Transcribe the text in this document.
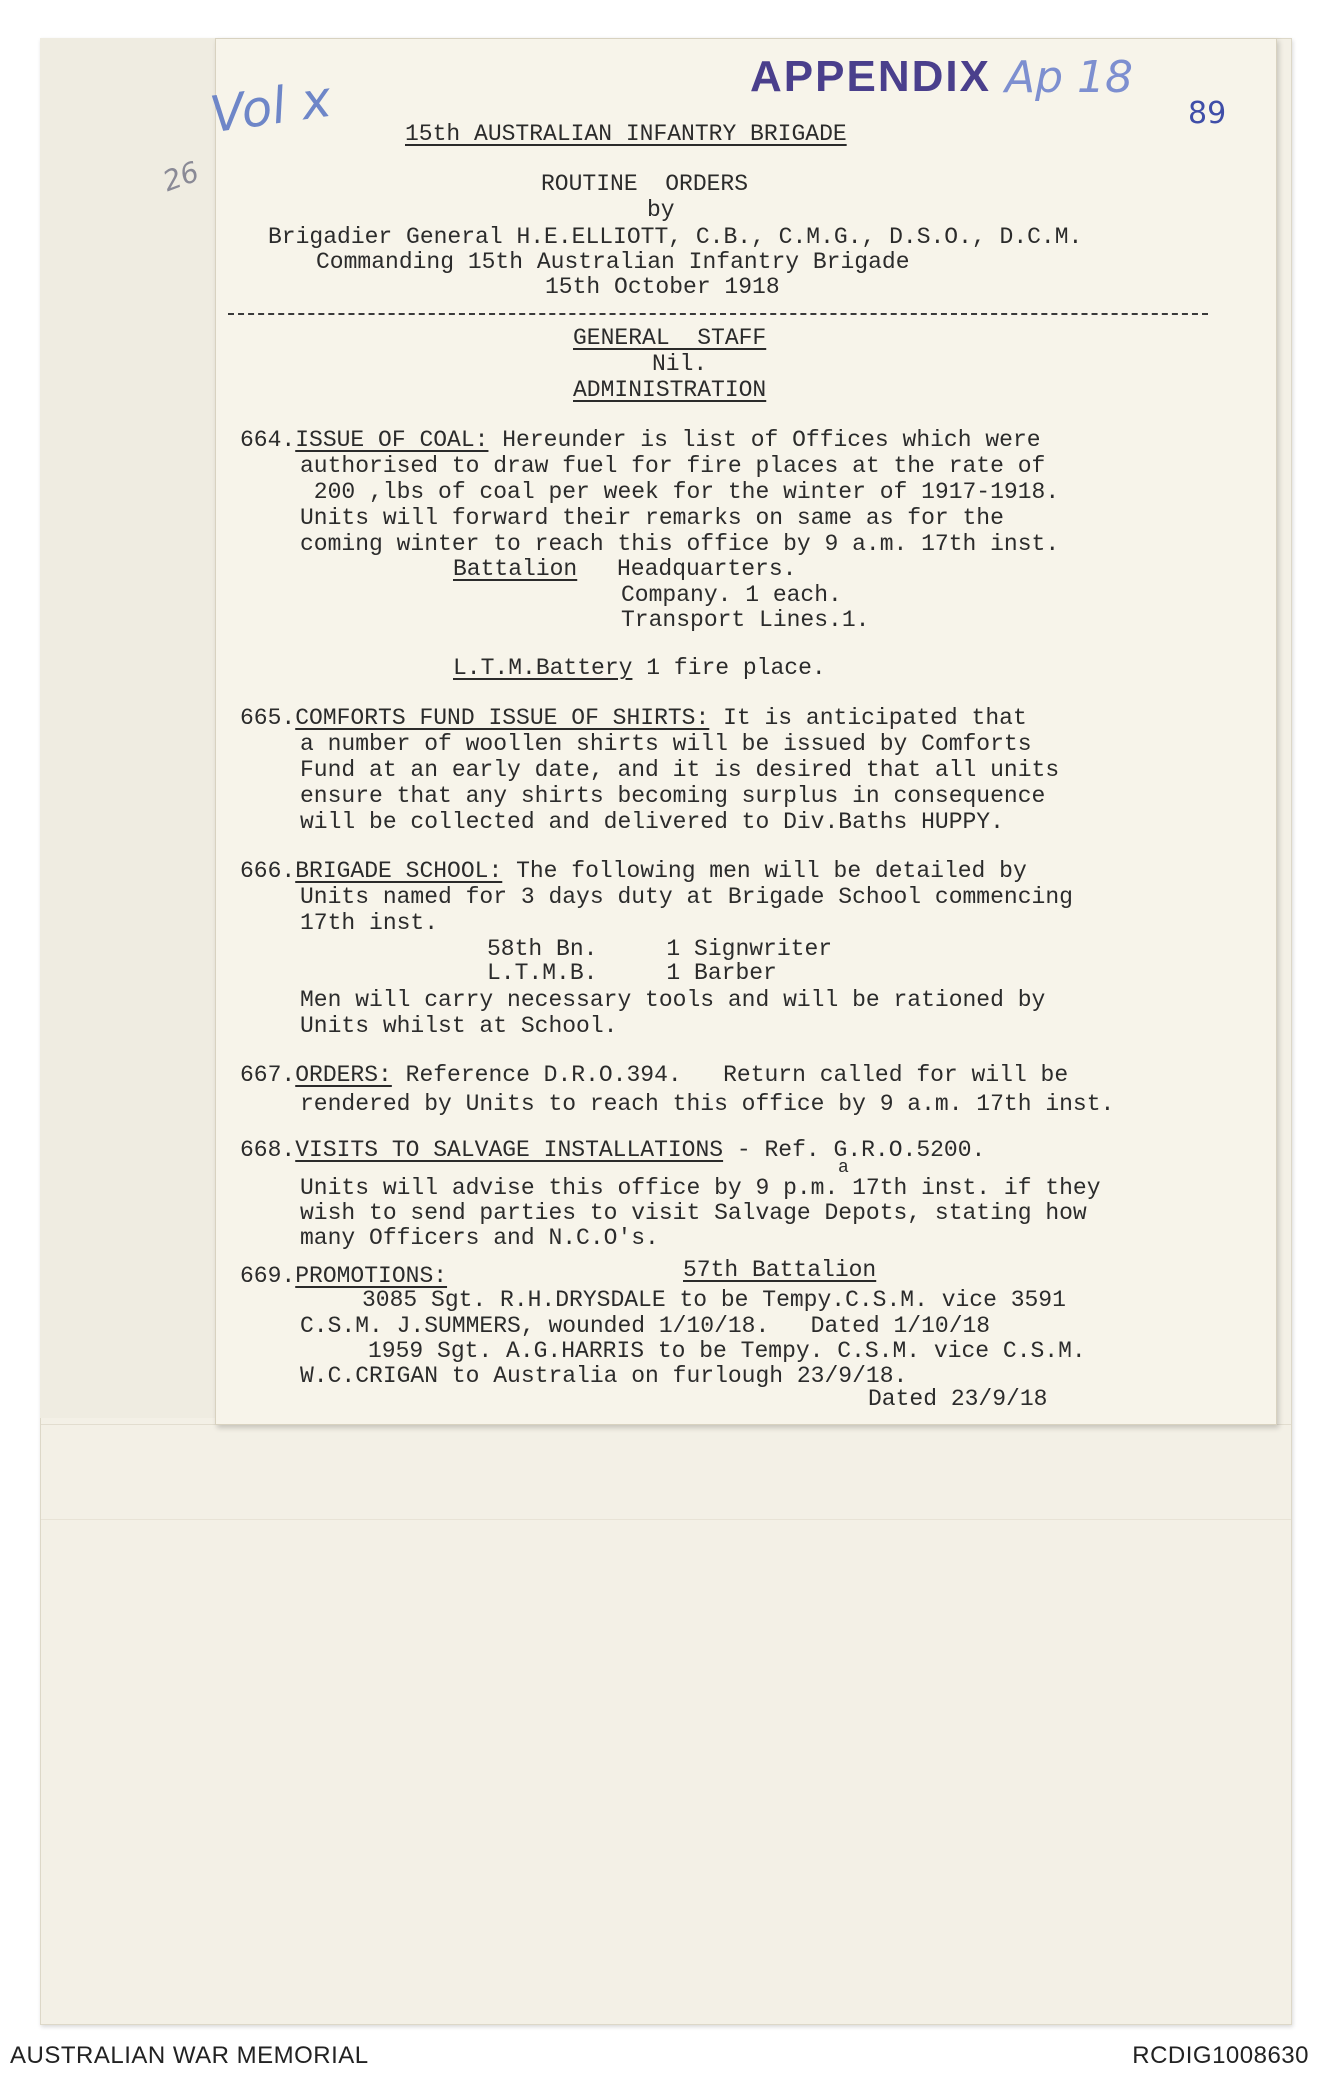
Vol x
26
APPENDIX Ap 18
89
15th AUSTRALIAN INFANTRY BRIGADE
ROUTINE  ORDERS
by
Brigadier General H.E.ELLIOTT, C.B., C.M.G., D.S.O., D.C.M.
Commanding 15th Australian Infantry Brigade
15th October 1918
GENERAL  STAFF
Nil.
ADMINISTRATION
664.ISSUE OF COAL: Hereunder is list of Offices which were
authorised to draw fuel for fire places at the rate of
200 ,lbs of coal per week for the winter of 1917-1918.
Units will forward their remarks on same as for the
coming winter to reach this office by 9 a.m. 17th inst.
Battalion Headquarters.
Company. 1 each.
Transport Lines.1.
L.T.M.Battery 1 fire place.
665.COMFORTS FUND ISSUE OF SHIRTS: It is anticipated that
a number of woollen shirts will be issued by Comforts
Fund at an early date, and it is desired that all units
ensure that any shirts becoming surplus in consequence
will be collected and delivered to Div.Baths HUPPY.
666.BRIGADE SCHOOL: The following men will be detailed by
Units named for 3 days duty at Brigade School commencing
17th inst.
58th Bn.     1 Signwriter
L.T.M.B.     1 Barber
Men will carry necessary tools and will be rationed by
Units whilst at School.
667.ORDERS: Reference D.R.O.394.   Return called for will be
rendered by Units to reach this office by 9 a.m. 17th inst.
668.VISITS TO SALVAGE INSTALLATIONS - Ref. G.R.O.5200.
a
Units will advise this office by 9 p.m. 17th inst. if they
wish to send parties to visit Salvage Depots, stating how
many Officers and N.C.O's.
669.PROMOTIONS:	57th Battalion
3085 Sgt. R.H.DRYSDALE to be Tempy.C.S.M. vice 3591
C.S.M. J.SUMMERS, wounded 1/10/18.   Dated 1/10/18
1959 Sgt. A.G.HARRIS to be Tempy. C.S.M. vice C.S.M.
W.C.CRIGAN to Australia on furlough 23/9/18.
Dated 23/9/18
AUSTRALIAN WAR MEMORIAL	RCDIG1008630
